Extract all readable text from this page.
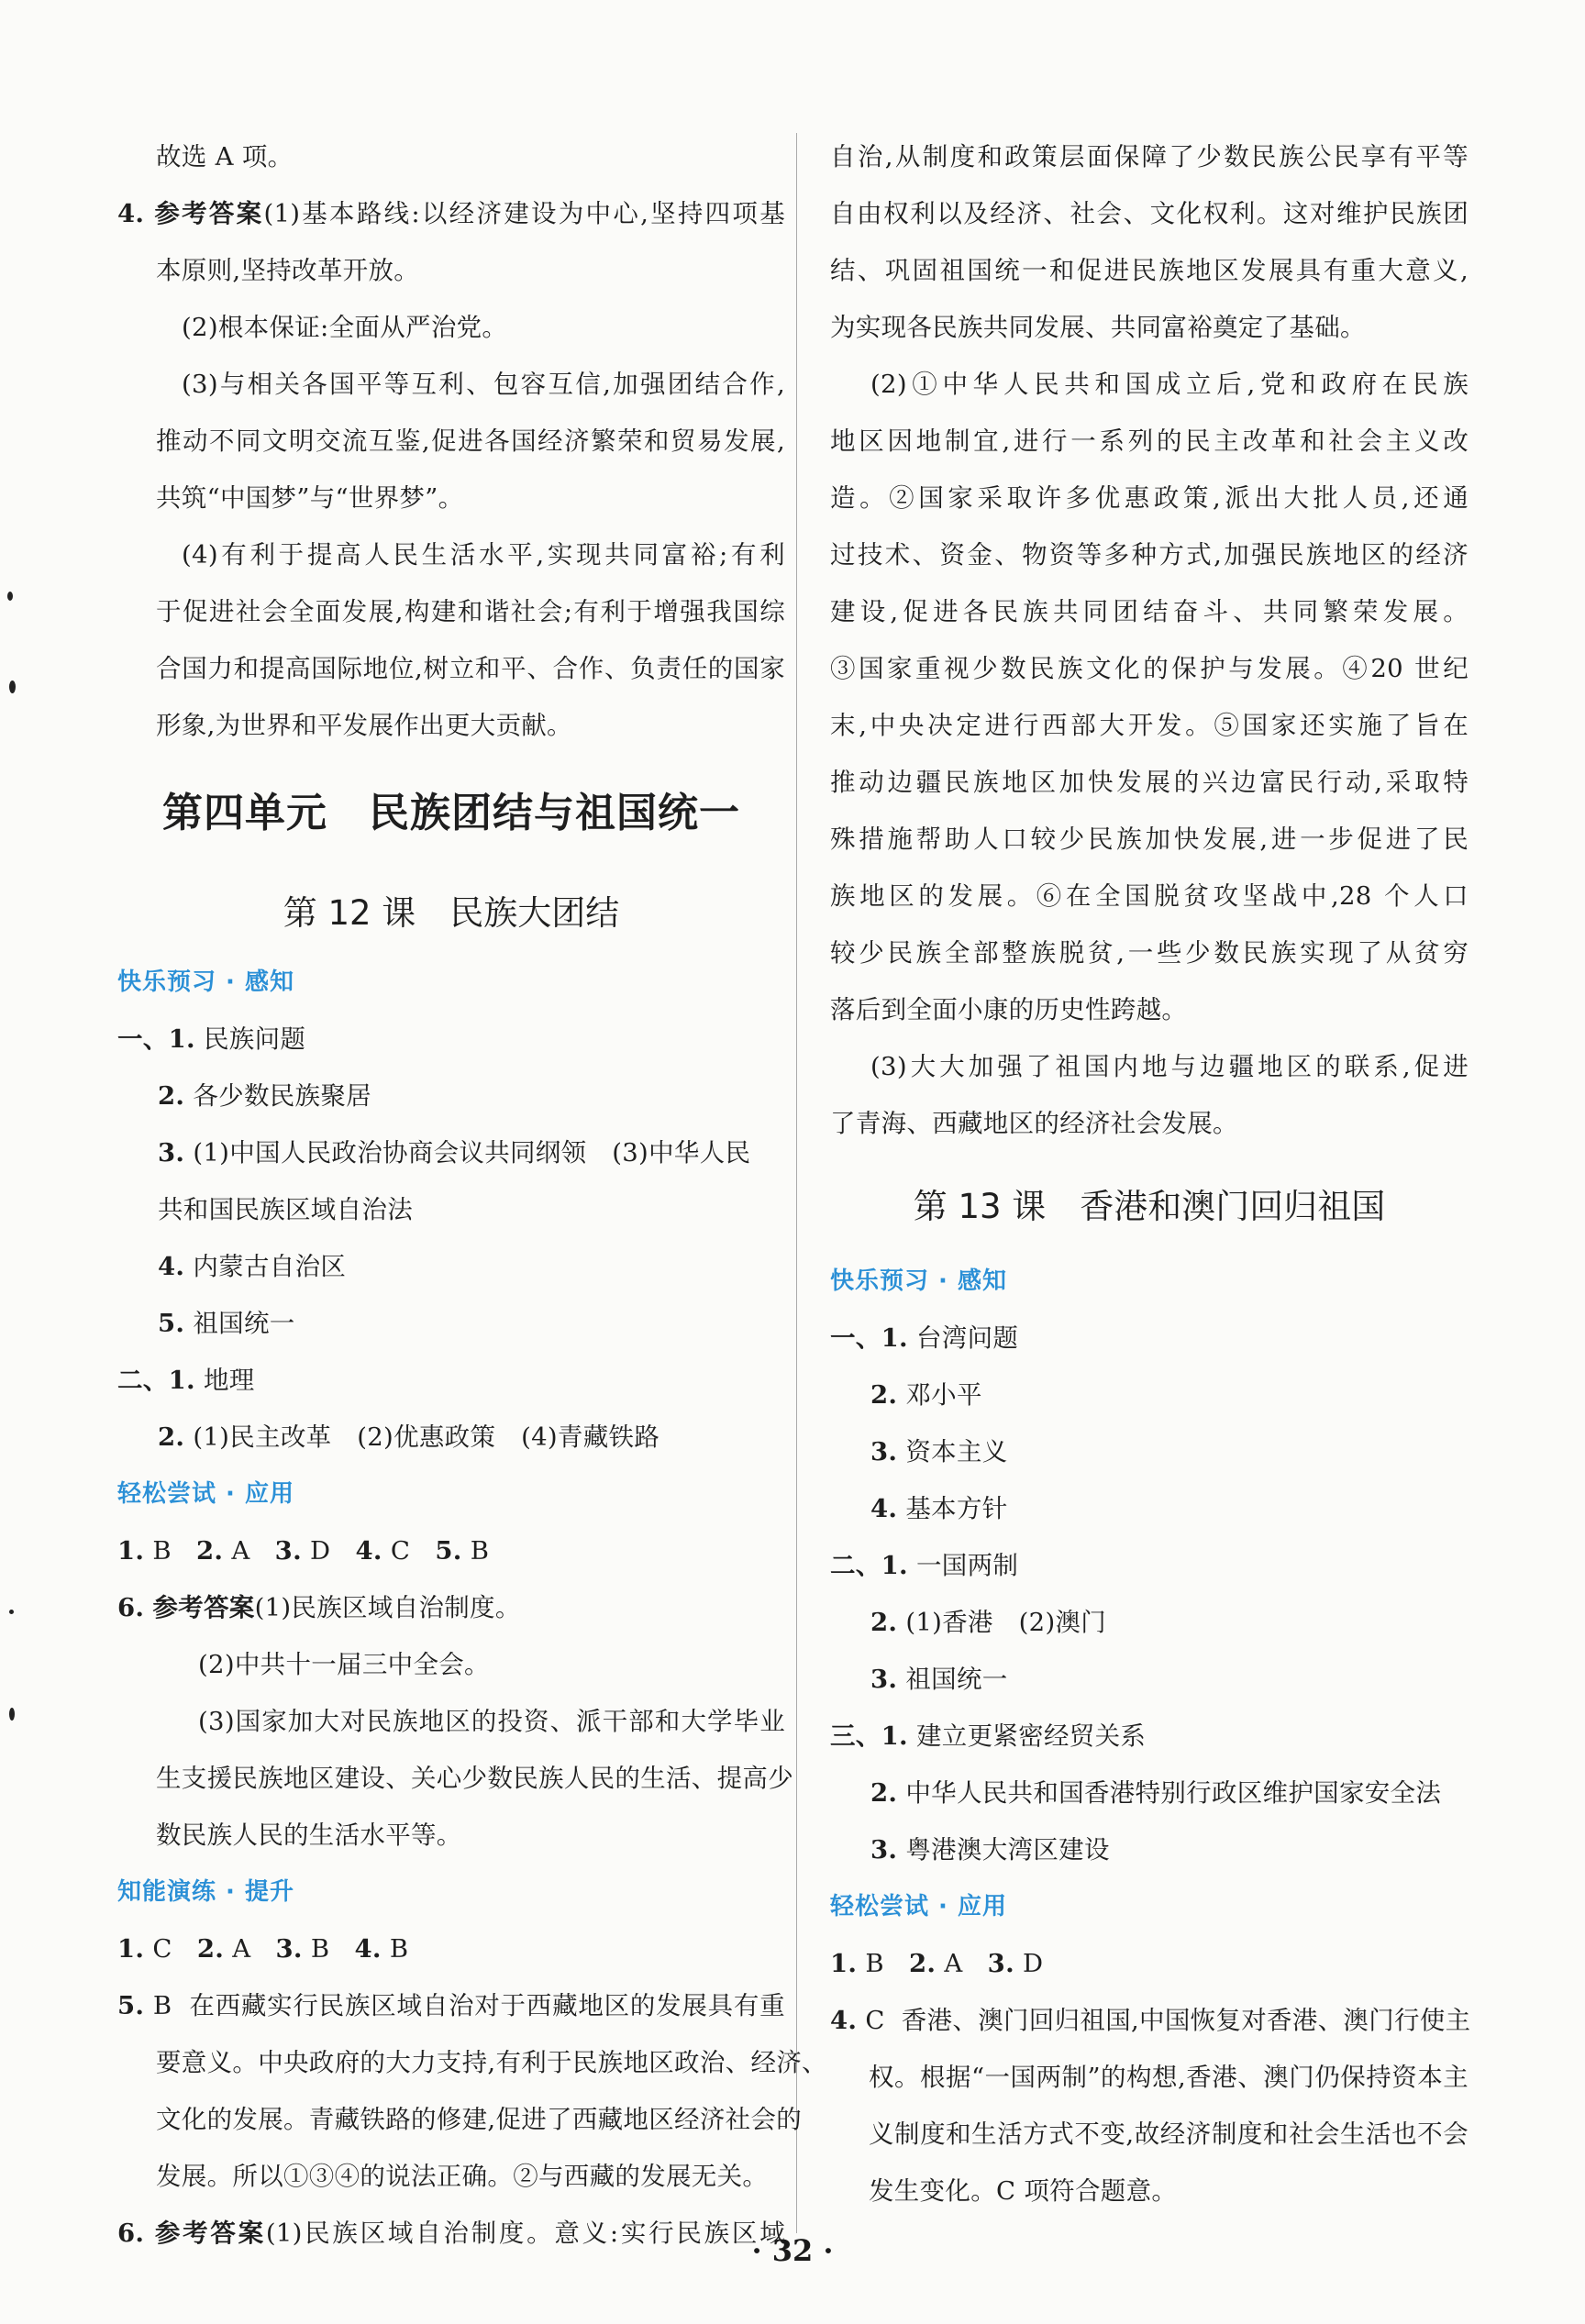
故选 A 项。
4. 参考答案(1)基本路线:以经济建设为中心,坚持四项基
本原则,坚持改革开放。
(2)根本保证:全面从严治党。
(3)与相关各国平等互利、包容互信,加强团结合作,
推动不同文明交流互鉴,促进各国经济繁荣和贸易发展,
共筑“中国梦”与“世界梦”。
(4)有利于提高人民生活水平,实现共同富裕;有利
于促进社会全面发展,构建和谐社会;有利于增强我国综
合国力和提高国际地位,树立和平、合作、负责任的国家
形象,为世界和平发展作出更大贡献。
第四单元　民族团结与祖国统一
第 12 课　民族大团结
快乐预习 · 感知
一、1. 民族问题
2. 各少数民族聚居
3. (1)中国人民政治协商会议共同纲领　(3)中华人民
共和国民族区域自治法
4. 内蒙古自治区
5. 祖国统一
二、1. 地理
2. (1)民主改革　(2)优惠政策　(4)青藏铁路
轻松尝试 · 应用
1. B 2. A 3. D 4. C 5. B
6. 参考答案(1)民族区域自治制度。
(2)中共十一届三中全会。
(3)国家加大对民族地区的投资、派干部和大学毕业
生支援民族地区建设、关心少数民族人民的生活、提高少
数民族人民的生活水平等。
知能演练 · 提升
1. C 2. A 3. B 4. B
5. B 在西藏实行民族区域自治对于西藏地区的发展具有重
要意义。中央政府的大力支持,有利于民族地区政治、经济、
文化的发展。青藏铁路的修建,促进了西藏地区经济社会的
发展。所以①③④的说法正确。②与西藏的发展无关。
6. 参考答案(1)民族区域自治制度。意义:实行民族区域
自治,从制度和政策层面保障了少数民族公民享有平等
自由权利以及经济、社会、文化权利。这对维护民族团
结、巩固祖国统一和促进民族地区发展具有重大意义,
为实现各民族共同发展、共同富裕奠定了基础。
(2)①中华人民共和国成立后,党和政府在民族
地区因地制宜,进行一系列的民主改革和社会主义改
造。②国家采取许多优惠政策,派出大批人员,还通
过技术、资金、物资等多种方式,加强民族地区的经济
建设,促进各民族共同团结奋斗、共同繁荣发展。
③国家重视少数民族文化的保护与发展。④20 世纪
末,中央决定进行西部大开发。⑤国家还实施了旨在
推动边疆民族地区加快发展的兴边富民行动,采取特
殊措施帮助人口较少民族加快发展,进一步促进了民
族地区的发展。⑥在全国脱贫攻坚战中,28 个人口
较少民族全部整族脱贫,一些少数民族实现了从贫穷
落后到全面小康的历史性跨越。
(3)大大加强了祖国内地与边疆地区的联系,促进
了青海、西藏地区的经济社会发展。
第 13 课　香港和澳门回归祖国
快乐预习 · 感知
一、1. 台湾问题
2. 邓小平
3. 资本主义
4. 基本方针
二、1. 一国两制
2. (1)香港　(2)澳门
3. 祖国统一
三、1. 建立更紧密经贸关系
2. 中华人民共和国香港特别行政区维护国家安全法
3. 粤港澳大湾区建设
轻松尝试 · 应用
1. B 2. A 3. D
4. C 香港、澳门回归祖国,中国恢复对香港、澳门行使主
权。根据“一国两制”的构想,香港、澳门仍保持资本主
义制度和生活方式不变,故经济制度和社会生活也不会
发生变化。C 项符合题意。
· 32 ·
